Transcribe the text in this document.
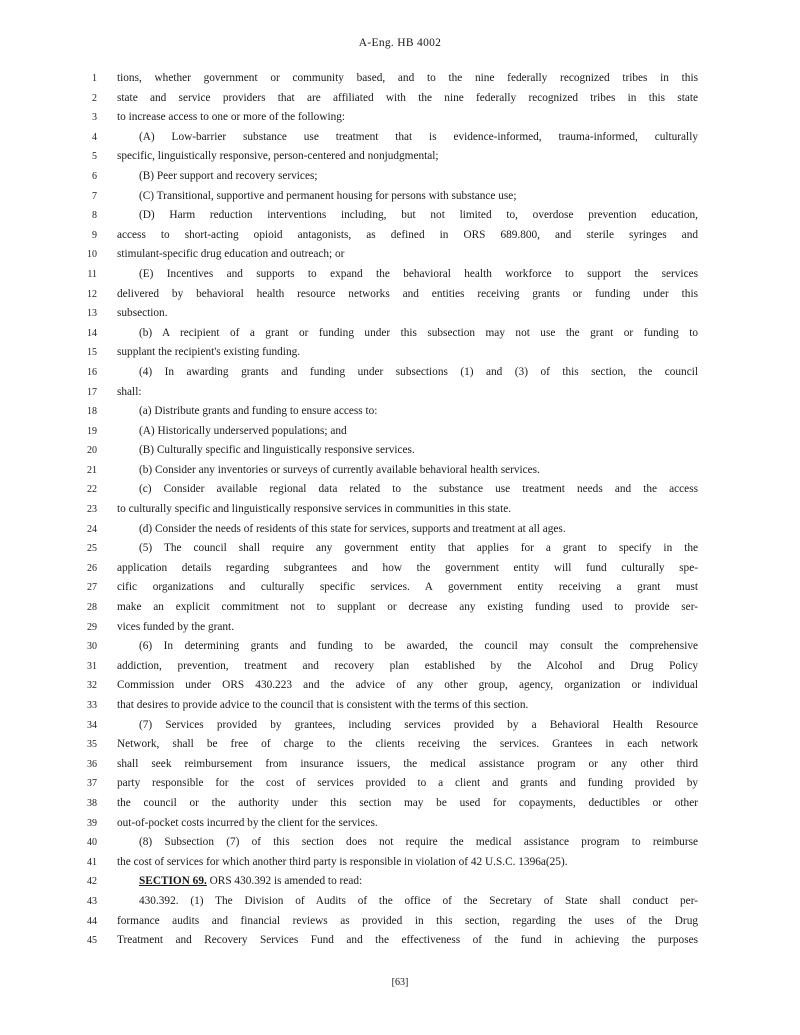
A-Eng. HB 4002
1 tions, whether government or community based, and to the nine federally recognized tribes in this
2 state and service providers that are affiliated with the nine federally recognized tribes in this state
3 to increase access to one or more of the following:
4	(A) Low-barrier substance use treatment that is evidence-informed, trauma-informed, culturally
5 specific, linguistically responsive, person-centered and nonjudgmental;
6	(B) Peer support and recovery services;
7	(C) Transitional, supportive and permanent housing for persons with substance use;
8	(D) Harm reduction interventions including, but not limited to, overdose prevention education,
9 access to short-acting opioid antagonists, as defined in ORS 689.800, and sterile syringes and
10 stimulant-specific drug education and outreach; or
11	(E) Incentives and supports to expand the behavioral health workforce to support the services
12 delivered by behavioral health resource networks and entities receiving grants or funding under this
13 subsection.
14	(b) A recipient of a grant or funding under this subsection may not use the grant or funding to
15 supplant the recipient's existing funding.
16	(4) In awarding grants and funding under subsections (1) and (3) of this section, the council
17 shall:
18	(a) Distribute grants and funding to ensure access to:
19	(A) Historically underserved populations; and
20	(B) Culturally specific and linguistically responsive services.
21	(b) Consider any inventories or surveys of currently available behavioral health services.
22	(c) Consider available regional data related to the substance use treatment needs and the access
23 to culturally specific and linguistically responsive services in communities in this state.
24	(d) Consider the needs of residents of this state for services, supports and treatment at all ages.
25	(5) The council shall require any government entity that applies for a grant to specify in the
26 application details regarding subgrantees and how the government entity will fund culturally spe-
27 cific organizations and culturally specific services. A government entity receiving a grant must
28 make an explicit commitment not to supplant or decrease any existing funding used to provide ser-
29 vices funded by the grant.
30	(6) In determining grants and funding to be awarded, the council may consult the comprehensive
31 addiction, prevention, treatment and recovery plan established by the Alcohol and Drug Policy
32 Commission under ORS 430.223 and the advice of any other group, agency, organization or individual
33 that desires to provide advice to the council that is consistent with the terms of this section.
34	(7) Services provided by grantees, including services provided by a Behavioral Health Resource
35 Network, shall be free of charge to the clients receiving the services. Grantees in each network
36 shall seek reimbursement from insurance issuers, the medical assistance program or any other third
37 party responsible for the cost of services provided to a client and grants and funding provided by
38 the council or the authority under this section may be used for copayments, deductibles or other
39 out-of-pocket costs incurred by the client for the services.
40	(8) Subsection (7) of this section does not require the medical assistance program to reimburse
41 the cost of services for which another third party is responsible in violation of 42 U.S.C. 1396a(25).
42	SECTION 69. ORS 430.392 is amended to read:
43	430.392. (1) The Division of Audits of the office of the Secretary of State shall conduct per-
44 formance audits and financial reviews as provided in this section, regarding the uses of the Drug
45 Treatment and Recovery Services Fund and the effectiveness of the fund in achieving the purposes
[63]
